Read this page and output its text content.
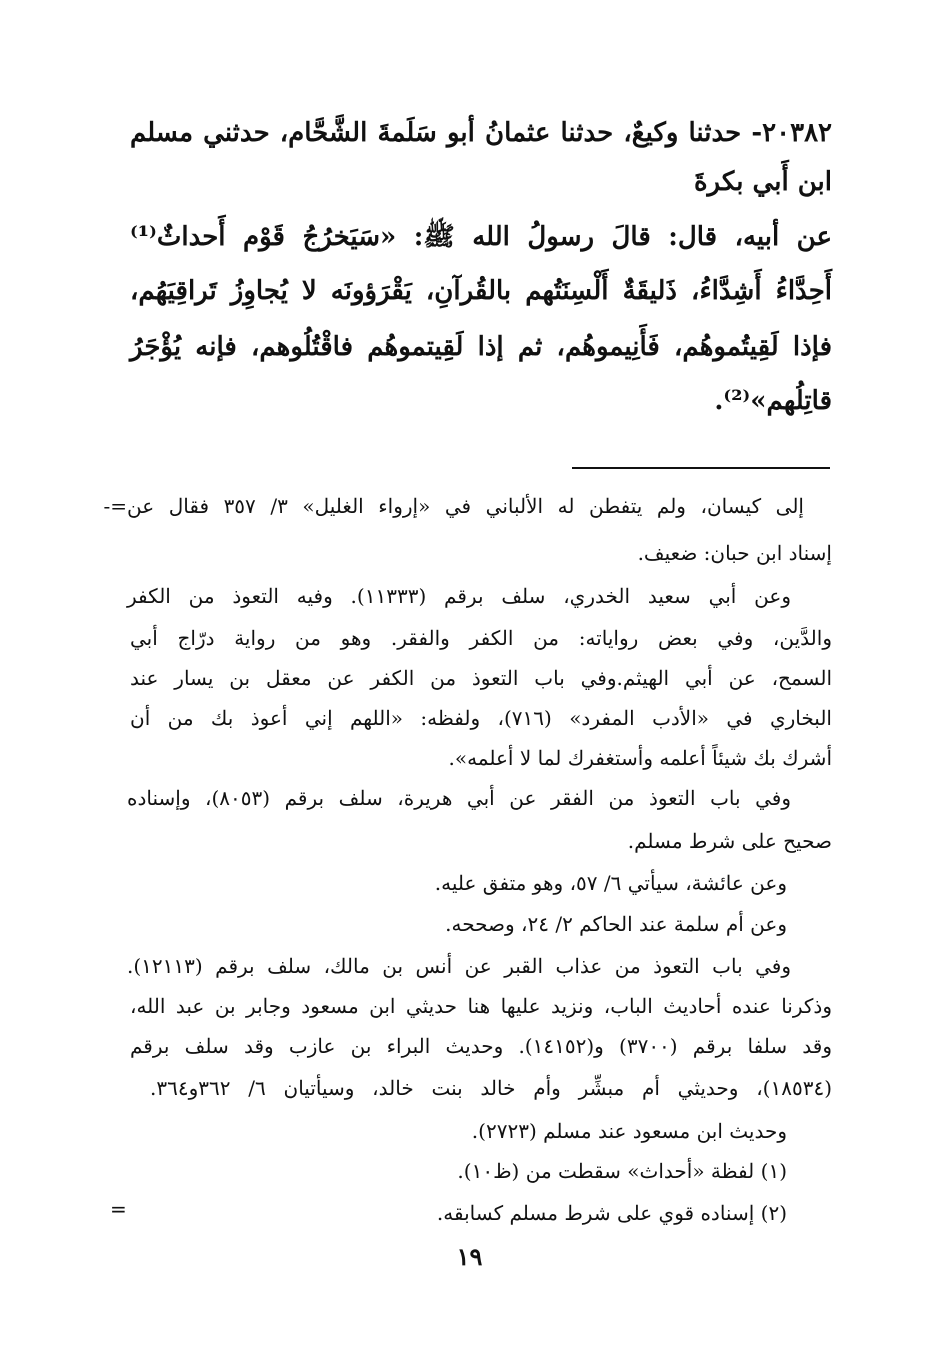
٢٠٣٨٢- حدثنا وكيعٌ، حدثنا عثمانُ أبو سَلَمةَ الشَّحَّام، حدثني مسلم
ابن أَبي بكرةَ
عن أبيه، قال: قالَ رسولُ الله ﷺ: «سَيَخرُجُ قَوْم أَحداثٌ⁽¹⁾
أَحِدَّاءُ أَشِدَّاءُ، ذَليقَةٌ أَلْسِنَتُهم بالقُرآنِ، يَقْرَؤونَه لا يُجاوِزُ تَراقِيَهُم،
فإذا لَقِيتُموهُم، فَأَنِيموهُم، ثم إذا لَقِيتموهُم فاقْتُلُوهم، فإنه يُؤْجَرُ
قاتِلُهم»⁽²⁾.
=- إلى كيسان، ولم يتفطن له الألباني في «إرواء الغليل» ٣/ ٣٥٧ فقال عن
إسناد ابن حبان: ضعيف.
وعن أبي سعيد الخدري، سلف برقم (١١٣٣٣). وفيه التعوذ من الكفر
والدَّين، وفي بعض رواياته: من الكفر والفقر. وهو من رواية درّاج أبي
السمح، عن أبي الهيثم.وفي باب التعوذ من الكفر عن معقل بن يسار عند
البخاري في «الأدب المفرد» (٧١٦)، ولفظه: «اللهم إني أعوذ بك من أن
أشرك بك شيئاً أعلمه وأستغفرك لما لا أعلمه».
وفي باب التعوذ من الفقر عن أبي هريرة، سلف برقم (٨٠٥٣)، وإسناده
صحيح على شرط مسلم.
وعن عائشة، سيأتي ٦/ ٥٧، وهو متفق عليه.
وعن أم سلمة عند الحاكم ٢/ ٢٤، وصححه.
وفي باب التعوذ من عذاب القبر عن أنس بن مالك، سلف برقم (١٢١١٣).
وذكرنا عنده أحاديث الباب، ونزيد عليها هنا حديثي ابن مسعود وجابر بن عبد الله،
وقد سلفا برقم (٣٧٠٠) و(١٤١٥٢). وحديث البراء بن عازب وقد سلف برقم
(١٨٥٣٤)، وحديثي أم مبشِّر وأم خالد بنت خالد، وسيأتيان ٦/ ٣٦٢و٣٦٤.
وحديث ابن مسعود عند مسلم (٢٧٢٣).
(١) لفظة «أحداث» سقطت من (ظ١٠).
(٢) إسناده قوي على شرط مسلم كسابقه.
=
١٩
